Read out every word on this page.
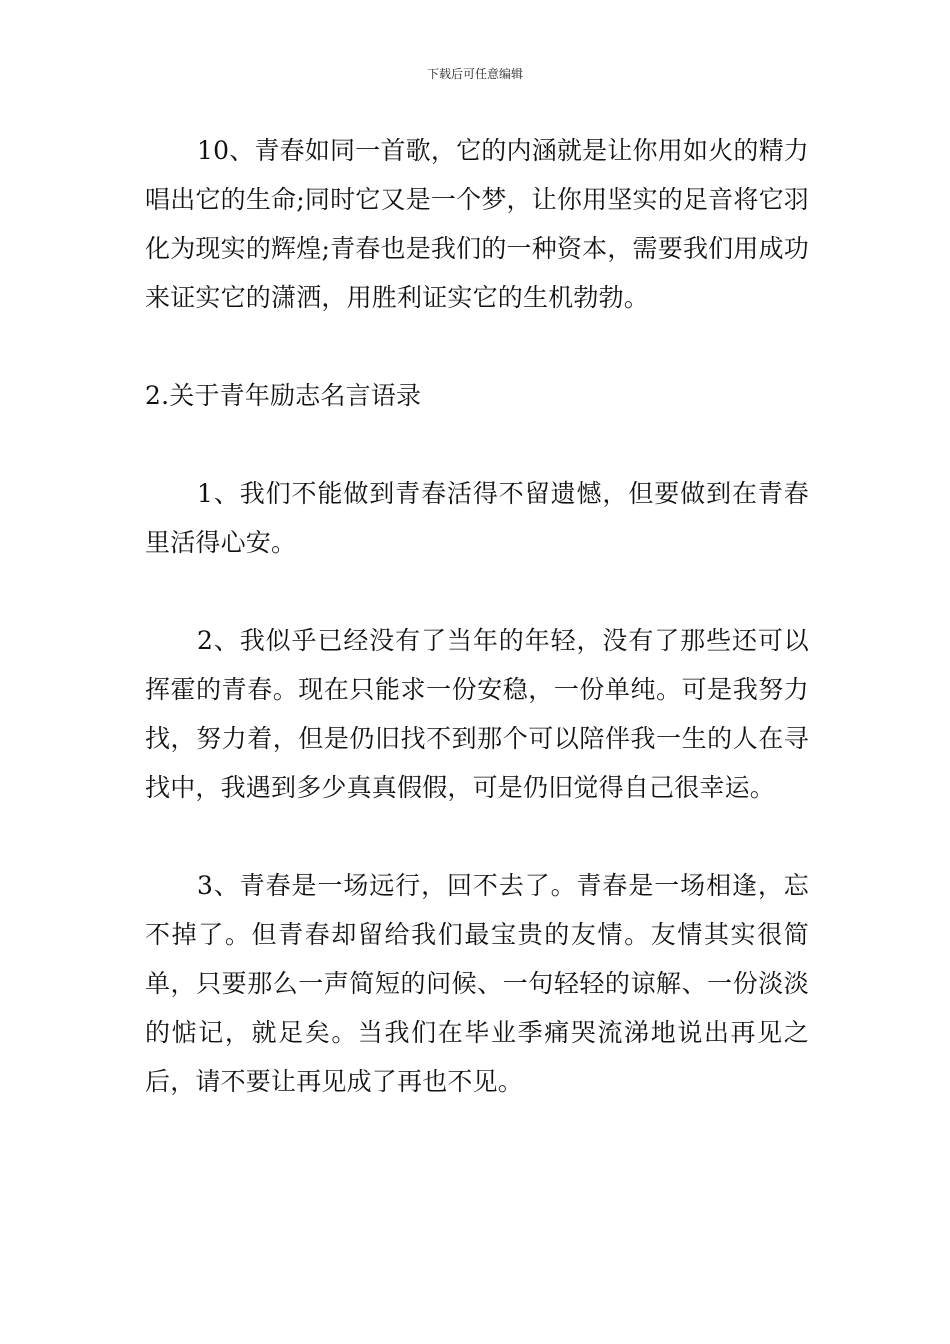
下载后可任意编辑

10、青春如同一首歌，它的内涵就是让你用如火的精力唱出它的生命;同时它又是一个梦，让你用坚实的足音将它羽化为现实的辉煌;青春也是我们的一种资本，需要我们用成功来证实它的潇洒，用胜利证实它的生机勃勃。

2.关于青年励志名言语录

1、我们不能做到青春活得不留遗憾，但要做到在青春里活得心安。

2、我似乎已经没有了当年的年轻，没有了那些还可以挥霍的青春。现在只能求一份安稳，一份单纯。可是我努力找，努力着，但是仍旧找不到那个可以陪伴我一生的人在寻找中，我遇到多少真真假假，可是仍旧觉得自己很幸运。

3、青春是一场远行，回不去了。青春是一场相逢，忘不掉了。但青春却留给我们最宝贵的友情。友情其实很简单，只要那么一声简短的问候、一句轻轻的谅解、一份淡淡的惦记，就足矣。当我们在毕业季痛哭流涕地说出再见之后，请不要让再见成了再也不见。
